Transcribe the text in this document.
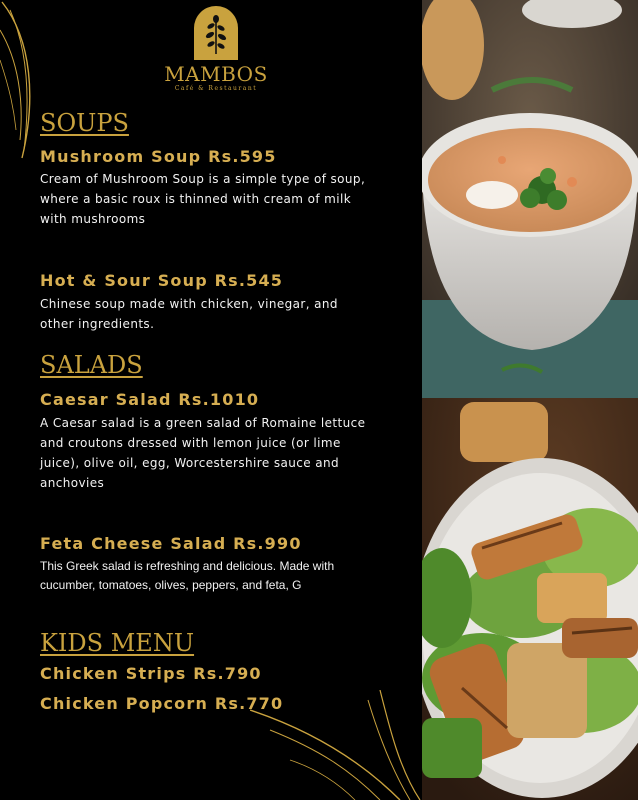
MAMBOS
Café & Restaurant
SOUPS
Mushroom Soup Rs.595
Cream of Mushroom Soup is a simple type of soup, where a basic roux is thinned with cream of milk with mushrooms
Hot & Sour Soup Rs.545
Chinese soup made with chicken, vinegar, and other ingredients.
SALADS
Caesar Salad Rs.1010
A Caesar salad is a green salad of Romaine lettuce and croutons dressed with lemon juice (or lime juice), olive oil, egg, Worcestershire sauce and anchovies
Feta Cheese Salad Rs.990
This Greek salad is refreshing and delicious. Made with cucumber, tomatoes, olives, peppers, and feta, G
KIDS MENU
Chicken Strips Rs.790
Chicken Popcorn Rs.770
